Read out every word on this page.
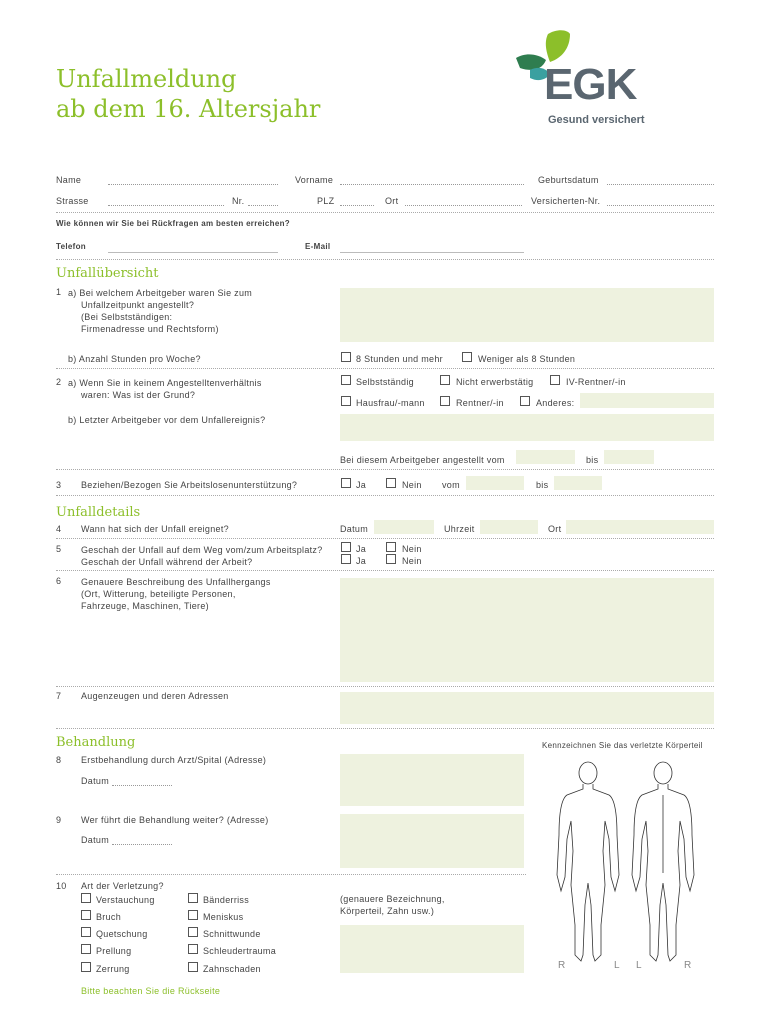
Unfallmeldung
ab dem 16. Altersjahr	EGK
Gesund versichert
Name	Vorname	Geburtsdatum
Strasse	Nr.	PLZ	Ort	Versicherten-Nr.
Wie können wir Sie bei Rückfragen am besten erreichen?
Telefon	E-Mail
Unfallübersicht
1 a) Bei welchem Arbeitgeber waren Sie zum
Unfallzeitpunkt angestellt?
(Bei Selbstständigen:
Firmenadresse und Rechtsform)
b) Anzahl Stunden pro Woche?	8 Stunden und mehr	Weniger als 8 Stunden
2 a) Wenn Sie in keinem Angestelltenverhältnis
waren: Was ist der Grund?
Selbstständig	Nicht erwerbstätig	IV-Rentner/-in
Hausfrau/-mann	Rentner/-in	Anderes:
b) Letzter Arbeitgeber vor dem Unfallereignis?
Bei diesem Arbeitgeber angestellt vom	bis
3 Beziehen/Bezogen Sie Arbeitslosenunterstützung?	Ja	Nein vom	bis
Unfalldetails
4 Wann hat sich der Unfall ereignet?	Datum	Uhrzeit	Ort
5 Geschah der Unfall auf dem Weg vom/zum Arbeitsplatz?
Geschah der Unfall während der Arbeit?
Ja	Nein
Ja	Nein
6 Genauere Beschreibung des Unfallhergangs
(Ort, Witterung, beteiligte Personen,
Fahrzeuge, Maschinen, Tiere)
7 Augenzeugen und deren Adressen
Behandlung	Kennzeichnen Sie das verletzte Körperteil
8 Erstbehandlung durch Arzt/Spital (Adresse)
Datum
9 Wer führt die Behandlung weiter? (Adresse)
Datum
10 Art der Verletzung?
Verstauchung
Bruch
Quetschung
Prellung
Zerrung
Bänderriss
Meniskus
Schnittwunde
Schleudertrauma
Zahnschaden
(genauere Bezeichnung,
Körperteil, Zahn usw.)
Bitte beachten Sie die Rückseite
R	L L	R
